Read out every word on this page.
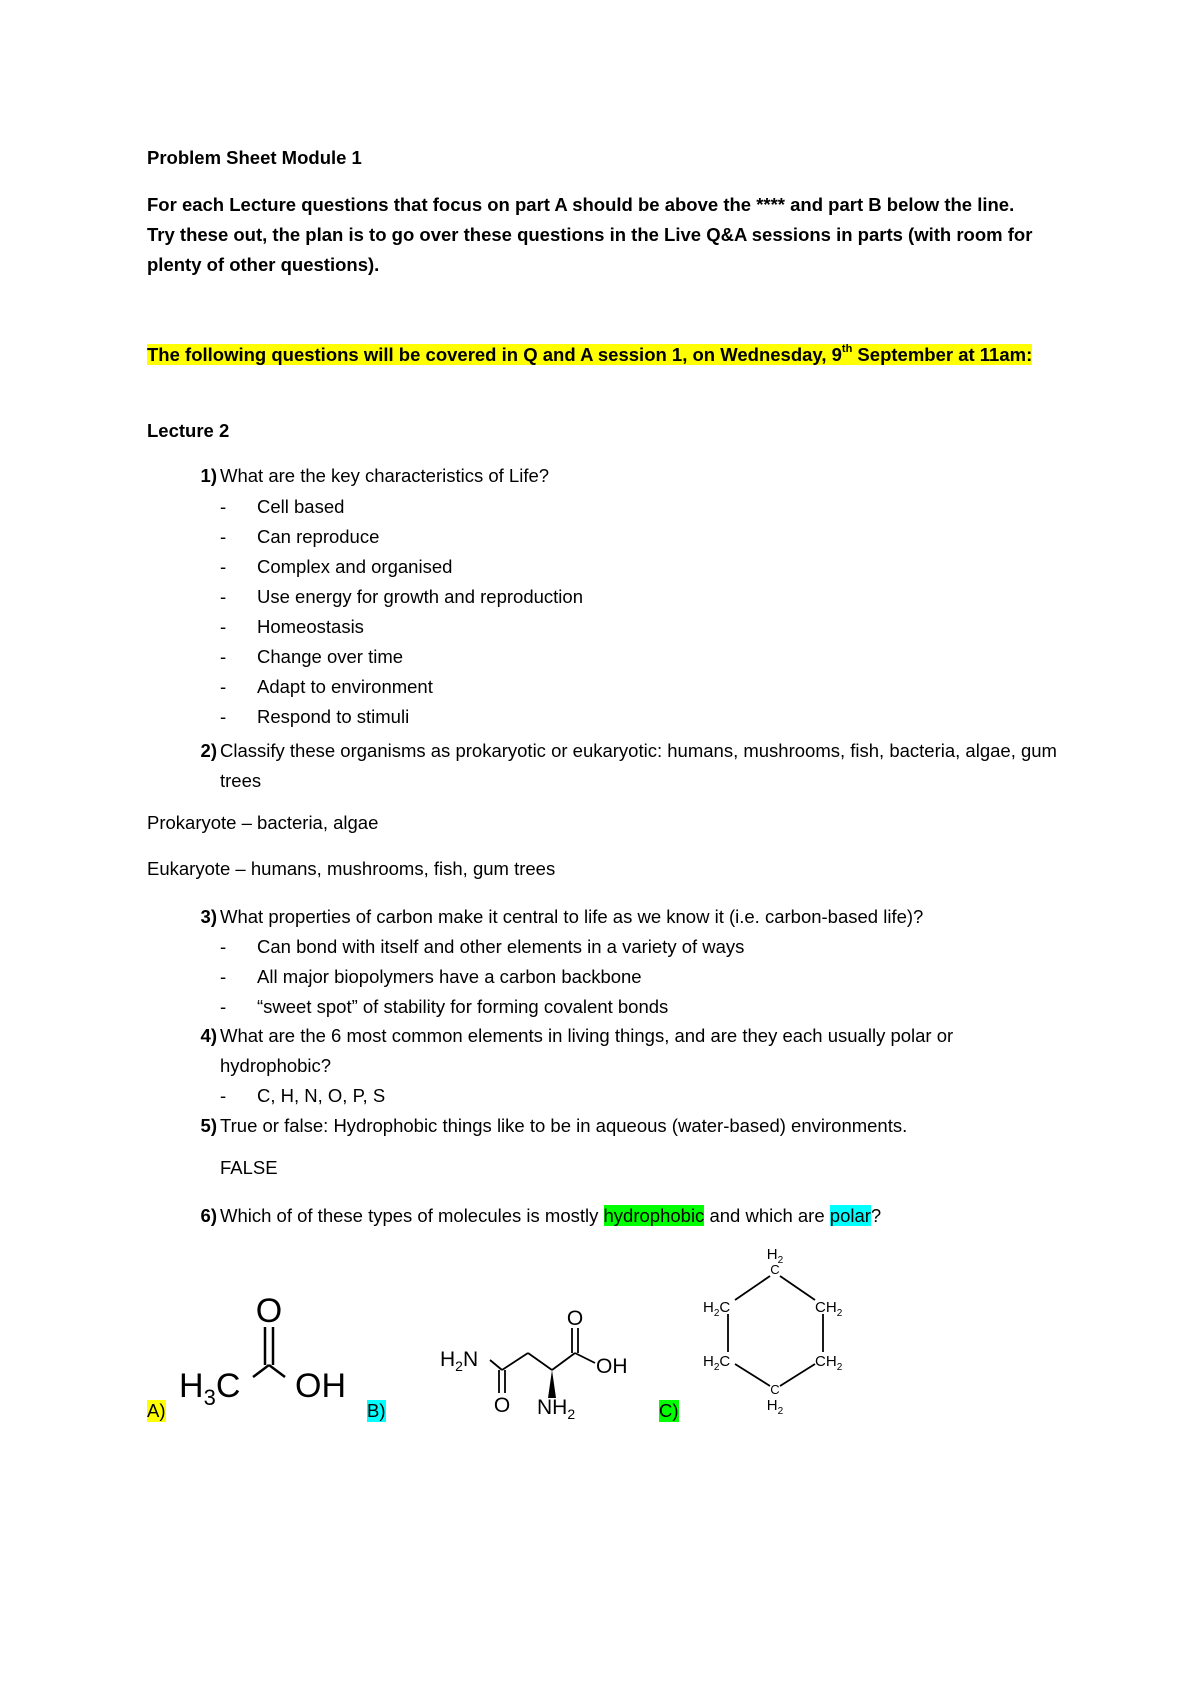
Problem Sheet Module 1
For each Lecture questions that focus on part A should be above the **** and part B below the line. Try these out, the plan is to go over these questions in the Live Q&A sessions in parts (with room for plenty of other questions).
The following questions will be covered in Q and A session 1, on Wednesday, 9th September at 11am:
Lecture 2
1) What are the key characteristics of Life?
- Cell based
- Can reproduce
- Complex and organised
- Use energy for growth and reproduction
- Homeostasis
- Change over time
- Adapt to environment
- Respond to stimuli
2) Classify these organisms as prokaryotic or eukaryotic: humans, mushrooms, fish, bacteria, algae, gum trees
Prokaryote – bacteria, algae
Eukaryote – humans, mushrooms, fish, gum trees
3) What properties of carbon make it central to life as we know it (i.e. carbon-based life)?
- Can bond with itself and other elements in a variety of ways
- All major biopolymers have a carbon backbone
- “sweet spot” of stability for forming covalent bonds
4) What are the 6 most common elements in living things, and are they each usually polar or hydrophobic?
- C, H, N, O, P, S
5) True or false: Hydrophobic things like to be in aqueous (water-based) environments.
FALSE
6) Which of of these types of molecules is mostly hydrophobic and which are polar?
A)	B)	C)
O
$H_3C$ OH
O
$H_2N$	OH
O $NH_2$
$H_2$
C
$H_2C$	$CH_2$
$H_2C$	$CH_2$
C
$H_2$
